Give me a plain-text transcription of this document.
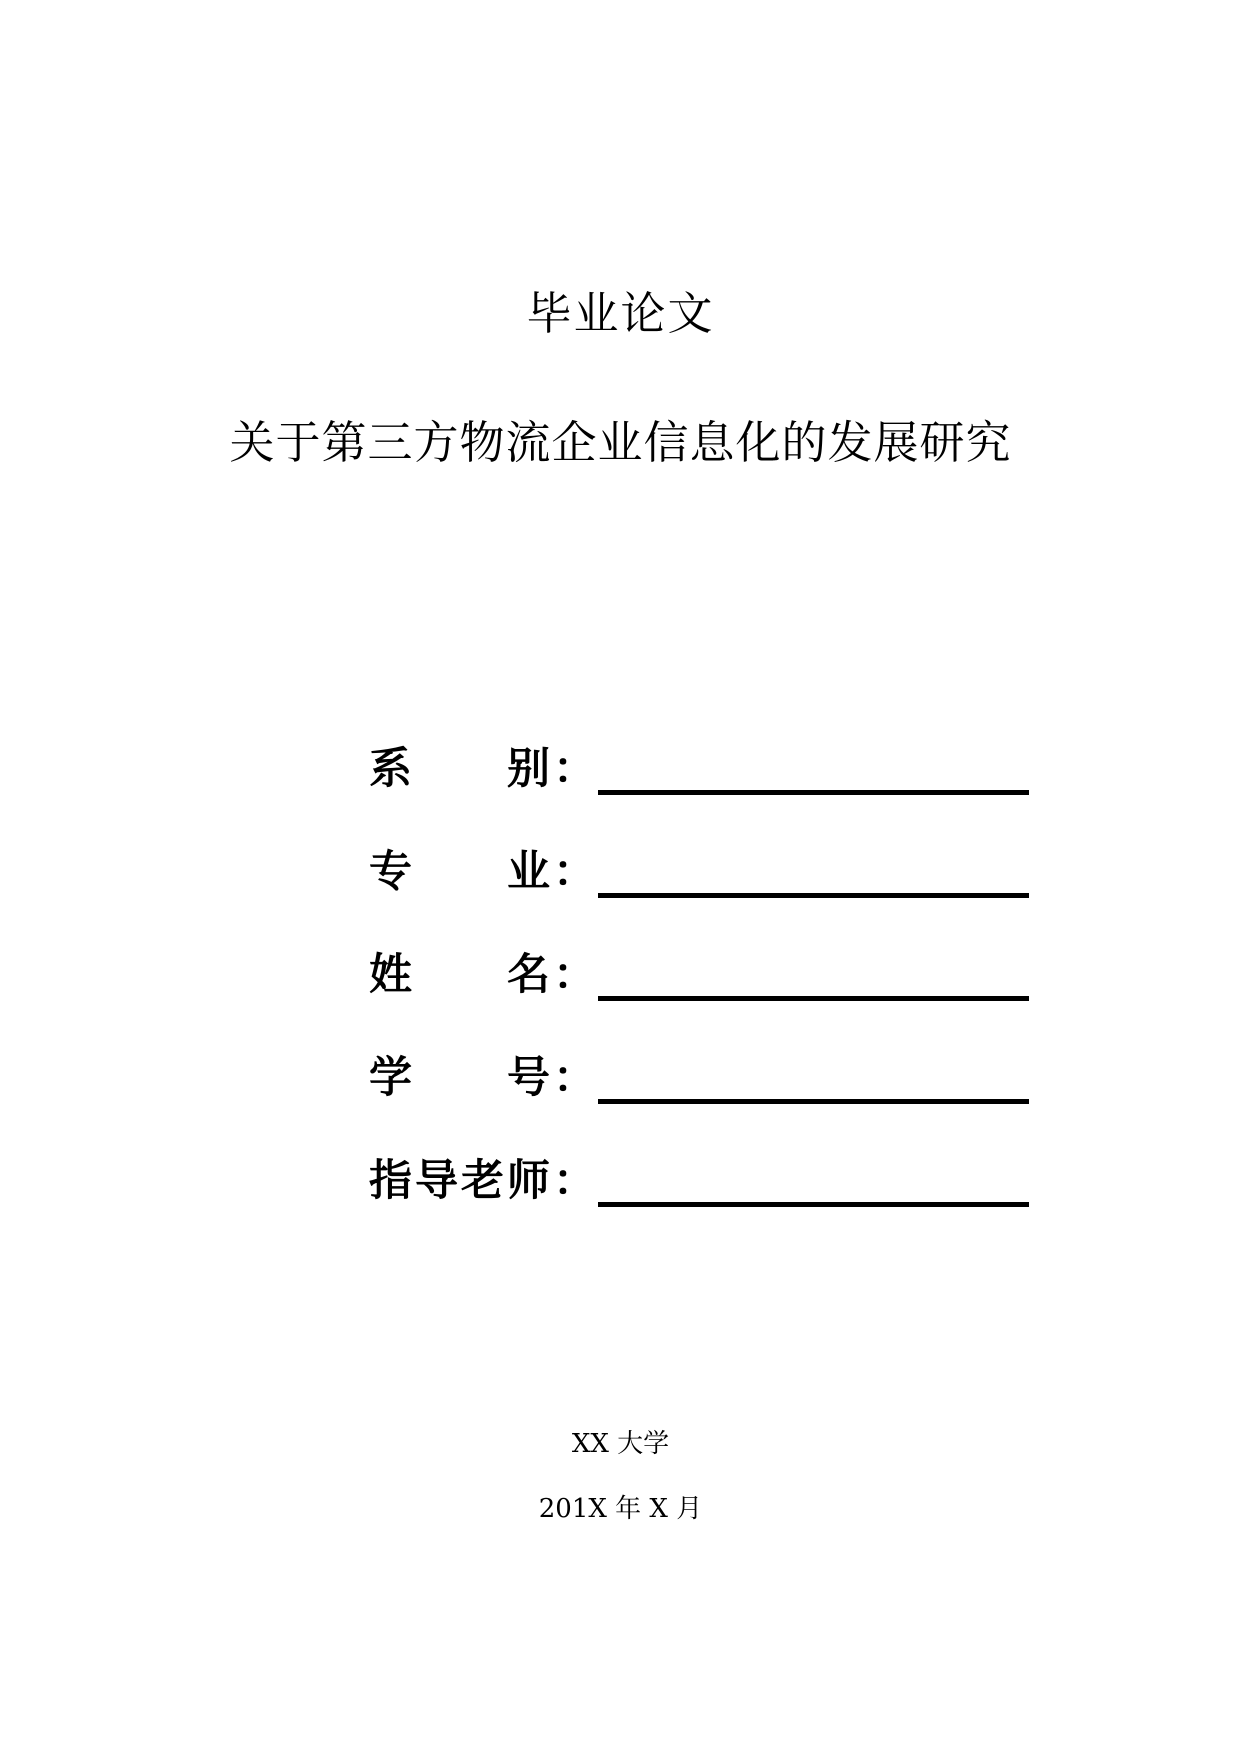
毕业论文
关于第三方物流企业信息化的发展研究
系 别：
专 业：
姓 名：
学 号：
指导老师：
XX 大学
201X 年 X 月
